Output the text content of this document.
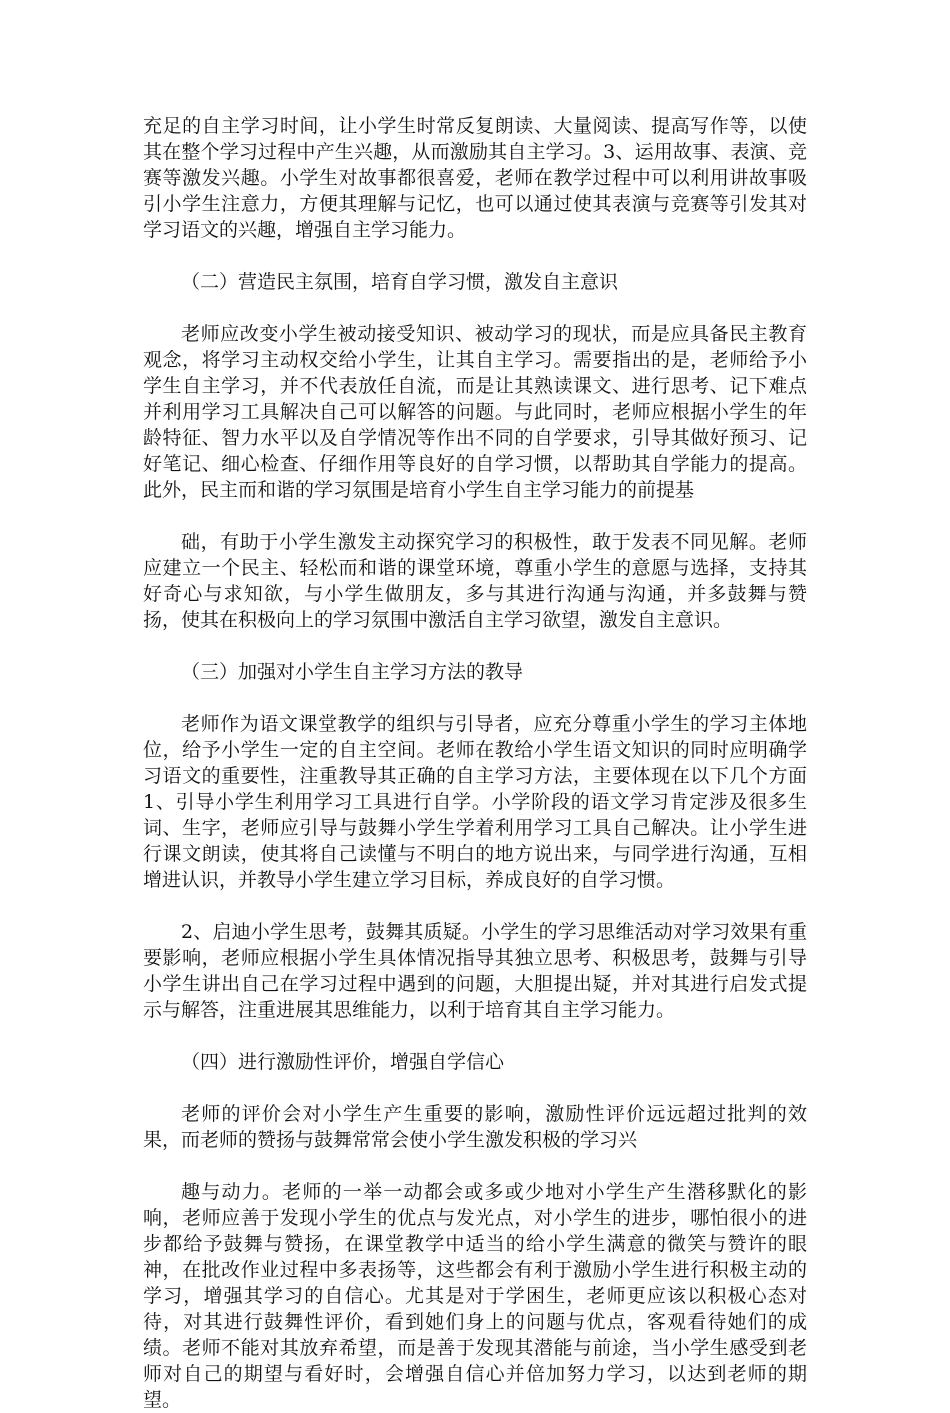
充足的自主学习时间，让小学生时常反复朗读、大量阅读、提高写作等，以使其在整个学习过程中产生兴趣，从而激励其自主学习。3、运用故事、表演、竞赛等激发兴趣。小学生对故事都很喜爱，老师在教学过程中可以利用讲故事吸引小学生注意力，方便其理解与记忆，也可以通过使其表演与竞赛等引发其对学习语文的兴趣，增强自主学习能力。

（二）营造民主氛围，培育自学习惯，激发自主意识

老师应改变小学生被动接受知识、被动学习的现状，而是应具备民主教育观念，将学习主动权交给小学生，让其自主学习。需要指出的是，老师给予小学生自主学习，并不代表放任自流，而是让其熟读课文、进行思考、记下难点并利用学习工具解决自己可以解答的问题。与此同时，老师应根据小学生的年龄特征、智力水平以及自学情况等作出不同的自学要求，引导其做好预习、记好笔记、细心检查、仔细作用等良好的自学习惯，以帮助其自学能力的提高。此外，民主而和谐的学习氛围是培育小学生自主学习能力的前提基

础，有助于小学生激发主动探究学习的积极性，敢于发表不同见解。老师应建立一个民主、轻松而和谐的课堂环境，尊重小学生的意愿与选择，支持其好奇心与求知欲，与小学生做朋友，多与其进行沟通与沟通，并多鼓舞与赞扬，使其在积极向上的学习氛围中激活自主学习欲望，激发自主意识。

（三）加强对小学生自主学习方法的教导

老师作为语文课堂教学的组织与引导者，应充分尊重小学生的学习主体地位，给予小学生一定的自主空间。老师在教给小学生语文知识的同时应明确学习语文的重要性，注重教导其正确的自主学习方法，主要体现在以下几个方面1、引导小学生利用学习工具进行自学。小学阶段的语文学习肯定涉及很多生词、生字，老师应引导与鼓舞小学生学着利用学习工具自己解决。让小学生进行课文朗读，使其将自己读懂与不明白的地方说出来，与同学进行沟通，互相增进认识，并教导小学生建立学习目标，养成良好的自学习惯。

2、启迪小学生思考，鼓舞其质疑。小学生的学习思维活动对学习效果有重要影响，老师应根据小学生具体情况指导其独立思考、积极思考，鼓舞与引导小学生讲出自己在学习过程中遇到的问题，大胆提出疑，并对其进行启发式提示与解答，注重进展其思维能力，以利于培育其自主学习能力。

（四）进行激励性评价，增强自学信心

老师的评价会对小学生产生重要的影响，激励性评价远远超过批判的效果，而老师的赞扬与鼓舞常常会使小学生激发积极的学习兴

趣与动力。老师的一举一动都会或多或少地对小学生产生潜移默化的影响，老师应善于发现小学生的优点与发光点，对小学生的进步，哪怕很小的进步都给予鼓舞与赞扬，在课堂教学中适当的给小学生满意的微笑与赞许的眼神，在批改作业过程中多表扬等，这些都会有利于激励小学生进行积极主动的学习，增强其学习的自信心。尤其是对于学困生，老师更应该以积极心态对待，对其进行鼓舞性评价，看到她们身上的问题与优点，客观看待她们的成绩。老师不能对其放弃希望，而是善于发现其潜能与前途，当小学生感受到老师对自己的期望与看好时，会增强自信心并倍加努力学习，以达到老师的期望。
